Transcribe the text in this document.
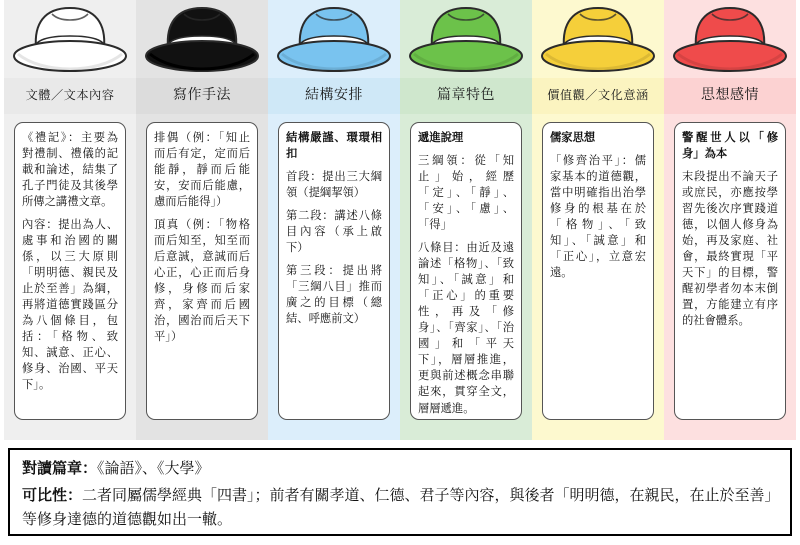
文體／文本內容

《禮記》：主要為對禮制、禮儀的記載和論述，結集了孔子門徒及其後學所傳之講禮文章。

內容：提出為人、處事和治國的關係，以三大原則「明明德、親民及止於至善」為綱，再將道德實踐區分為八個條目，包括：「格物、致知、誠意、正心、修身、治國、平天下」。

寫作手法

排偶（例：「知止而后有定，定而后能靜，靜而后能安，安而后能慮，慮而后能得」）

頂真（例：「物格而后知至，知至而后意誠，意誠而后心正，心正而后身修，身修而后家齊，家齊而后國治，國治而后天下平」）

結構安排

結構嚴謹、環環相扣

首段：提出三大綱領（提綱挈領）

第二段：講述八條目內容（承上啟下）

第三段：提出將「三綱八目」推而廣之的目標（總結、呼應前文）

篇章特色

遞進說理

三綱領：從「知止」始，經歷「定」、「靜」、「安」、「慮」、「得」

八條目：由近及遠論述「格物」、「致知」、「誠意」和「正心」的重要性，再及「修身」、「齊家」、「治國」和「平天下」，層層推進，更與前述概念串聯起來，貫穿全文，層層遞進。

價值觀／文化意涵

儒家思想

「修齊治平」：儒家基本的道德觀，當中明確指出治學修身的根基在於「格物」、「致知」、「誠意」和「正心」，立意宏遠。

思想感情

警醒世人以「修身」為本

末段提出不論天子或庶民，亦應按學習先後次序實踐道德，以個人修身為始，再及家庭、社會，最終實現「平天下」的目標，警醒初學者勿本末倒置，方能建立有序的社會體系。

對讀篇章：《論語》、《大學》
可比性：二者同屬儒學經典「四書」；前者有關孝道、仁德、君子等內容，與後者「明明德，在親民，在止於至善」等修身達德的道德觀如出一轍。
